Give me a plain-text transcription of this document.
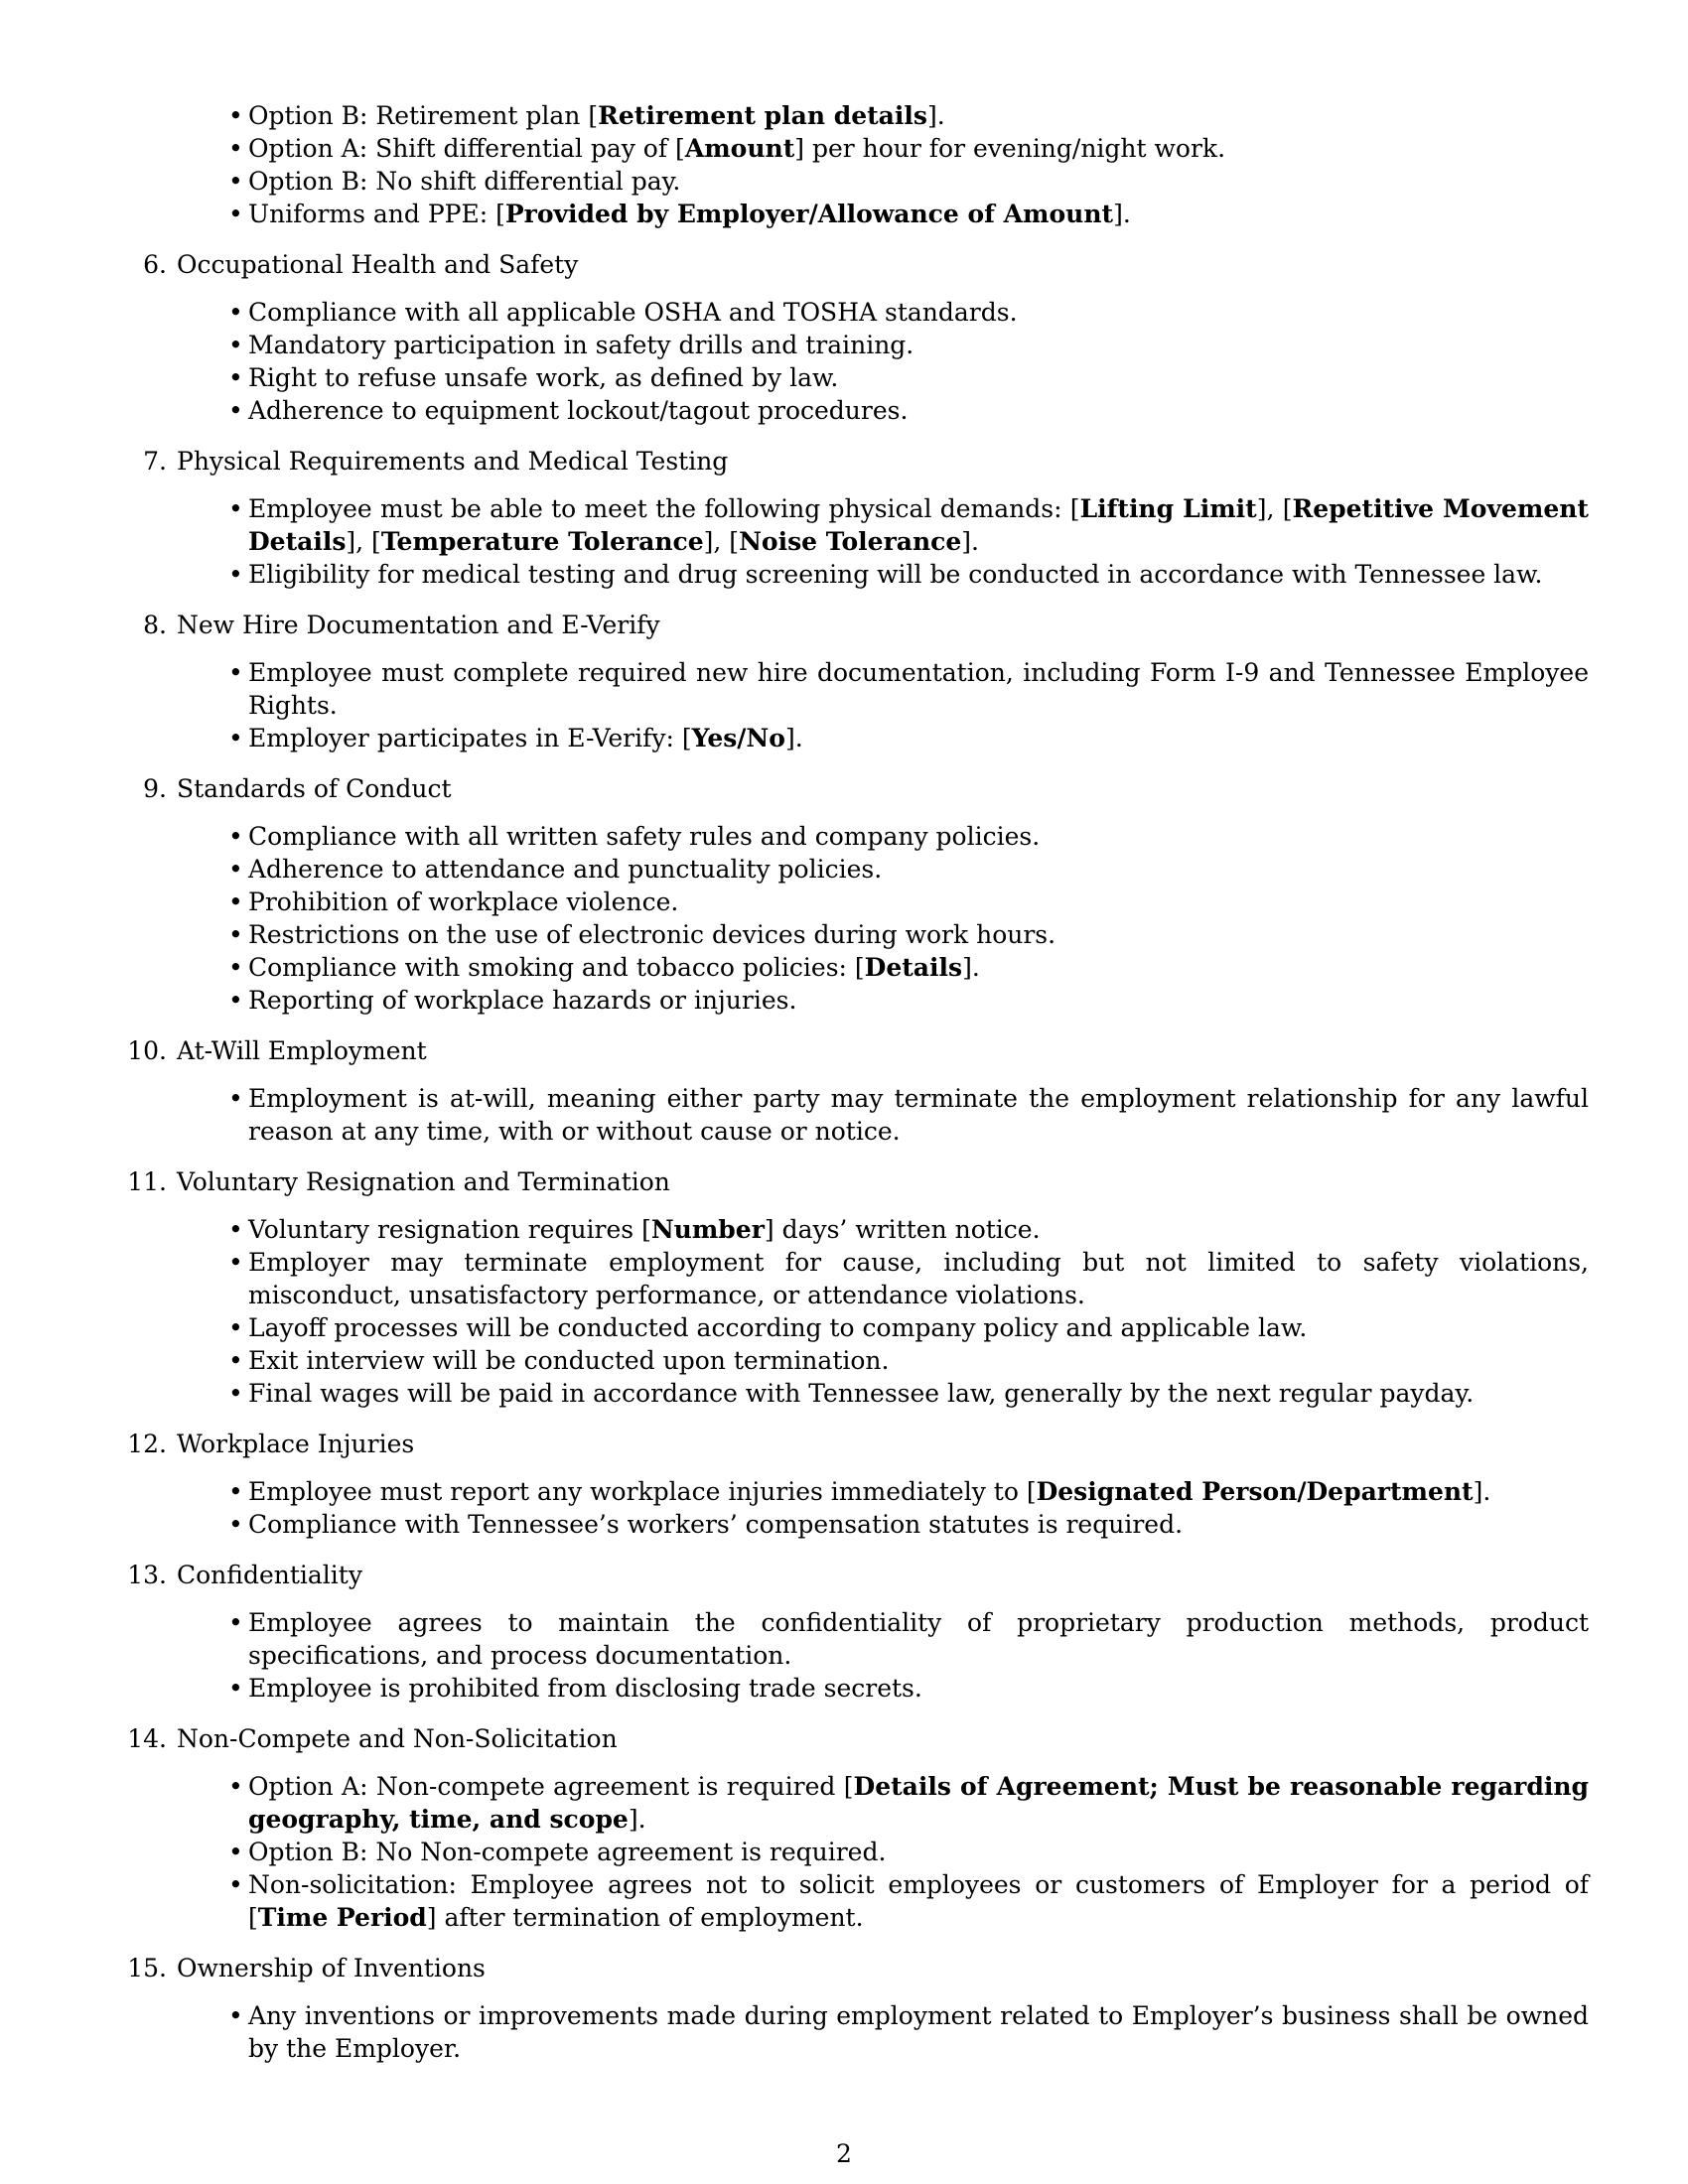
• Option B: Retirement plan [Retirement plan details].
• Option A: Shift differential pay of [Amount] per hour for evening/night work.
• Option B: No shift differential pay.
• Uniforms and PPE: [Provided by Employer/Allowance of Amount].
6. Occupational Health and Safety
• Compliance with all applicable OSHA and TOSHA standards.
• Mandatory participation in safety drills and training.
• Right to refuse unsafe work, as defined by law.
• Adherence to equipment lockout/tagout procedures.
7. Physical Requirements and Medical Testing
• Employee must be able to meet the following physical demands: [Lifting Limit], [Repetitive Movement Details], [Temperature Tolerance], [Noise Tolerance].
• Eligibility for medical testing and drug screening will be conducted in accordance with Tennessee law.
8. New Hire Documentation and E-Verify
• Employee must complete required new hire documentation, including Form I-9 and Tennessee Employee Rights.
• Employer participates in E-Verify: [Yes/No].
9. Standards of Conduct
• Compliance with all written safety rules and company policies.
• Adherence to attendance and punctuality policies.
• Prohibition of workplace violence.
• Restrictions on the use of electronic devices during work hours.
• Compliance with smoking and tobacco policies: [Details].
• Reporting of workplace hazards or injuries.
10. At-Will Employment
• Employment is at-will, meaning either party may terminate the employment relationship for any lawful reason at any time, with or without cause or notice.
11. Voluntary Resignation and Termination
• Voluntary resignation requires [Number] days’ written notice.
• Employer may terminate employment for cause, including but not limited to safety violations, misconduct, unsatisfactory performance, or attendance violations.
• Layoff processes will be conducted according to company policy and applicable law.
• Exit interview will be conducted upon termination.
• Final wages will be paid in accordance with Tennessee law, generally by the next regular payday.
12. Workplace Injuries
• Employee must report any workplace injuries immediately to [Designated Person/Department].
• Compliance with Tennessee’s workers’ compensation statutes is required.
13. Confidentiality
• Employee agrees to maintain the confidentiality of proprietary production methods, product specifications, and process documentation.
• Employee is prohibited from disclosing trade secrets.
14. Non-Compete and Non-Solicitation
• Option A: Non-compete agreement is required [Details of Agreement; Must be reasonable regarding geography, time, and scope].
• Option B: No Non-compete agreement is required.
• Non-solicitation: Employee agrees not to solicit employees or customers of Employer for a period of [Time Period] after termination of employment.
15. Ownership of Inventions
• Any inventions or improvements made during employment related to Employer’s business shall be owned by the Employer.
2
